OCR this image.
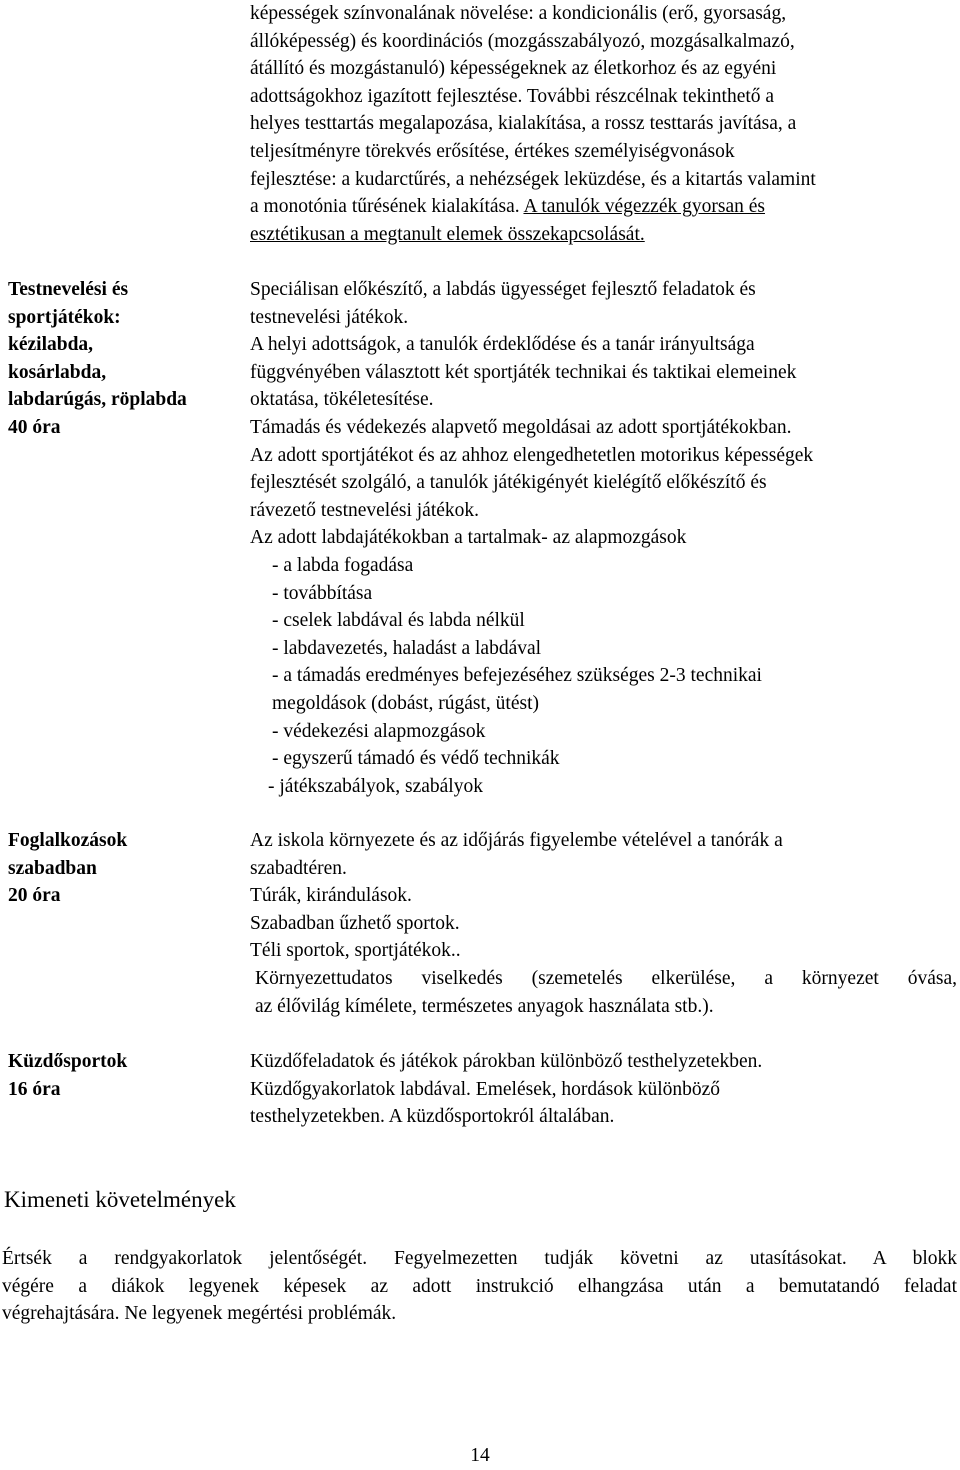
képességek színvonalának növelése: a kondicionális (erő, gyorsaság,
állóképesség) és koordinációs (mozgásszabályozó, mozgásalkalmazó,
átállító és mozgástanuló) képességeknek az életkorhoz és az egyéni
adottságokhoz igazított fejlesztése. További részcélnak tekinthető a
helyes testtartás megalapozása, kialakítása, a rossz testtarás javítása, a
teljesítményre törekvés erősítése, értékes személyiségvonások
fejlesztése: a kudarctűrés, a nehézségek leküzdése, és a kitartás valamint
a monotónia tűrésének kialakítása. A tanulók végezzék gyorsan és
esztétikusan a megtanult elemek összekapcsolását.
Testnevelési és
sportjátékok:
kézilabda,
kosárlabda,
labdarúgás, röplabda
40 óra
Speciálisan előkészítő, a labdás ügyességet fejlesztő feladatok és
testnevelési játékok.
A helyi adottságok, a tanulók érdeklődése és a tanár irányultsága
függvényében választott két sportjáték technikai és taktikai elemeinek
oktatása, tökéletesítése.
Támadás és védekezés alapvető megoldásai az adott sportjátékokban.
Az adott sportjátékot és az ahhoz elengedhetetlen motorikus képességek
fejlesztését szolgáló, a tanulók játékigényét kielégítő előkészítő és
rávezető testnevelési játékok.
Az adott labdajátékokban a tartalmak- az alapmozgások
- a labda fogadása
- továbbítása
- cselek labdával és labda nélkül
- labdavezetés, haladást a labdával
- a támadás eredményes befejezéséhez szükséges 2-3 technikai
megoldások (dobást, rúgást, ütést)
- védekezési alapmozgások
- egyszerű támadó és védő technikák
- játékszabályok, szabályok
Foglalkozások
szabadban
20 óra
Az iskola környezete és az időjárás figyelembe vételével a tanórák a
szabadtéren.
Túrák, kirándulások.
Szabadban űzhető sportok.
Téli sportok, sportjátékok..
Környezettudatos viselkedés (szemetelés elkerülése, a környezet óvása,
az élővilág kímélete, természetes anyagok használata stb.).
Küzdősportok
16 óra
Küzdőfeladatok és játékok párokban különböző testhelyzetekben.
Küzdőgyakorlatok labdával. Emelések, hordások különböző
testhelyzetekben. A küzdősportokról általában.
Kimeneti követelmények
Értsék a rendgyakorlatok jelentőségét. Fegyelmezetten tudják követni az utasításokat. A blokk
végére a diákok legyenek képesek az adott instrukció elhangzása után a bemutatandó feladat
végrehajtására. Ne legyenek megértési problémák.
14
